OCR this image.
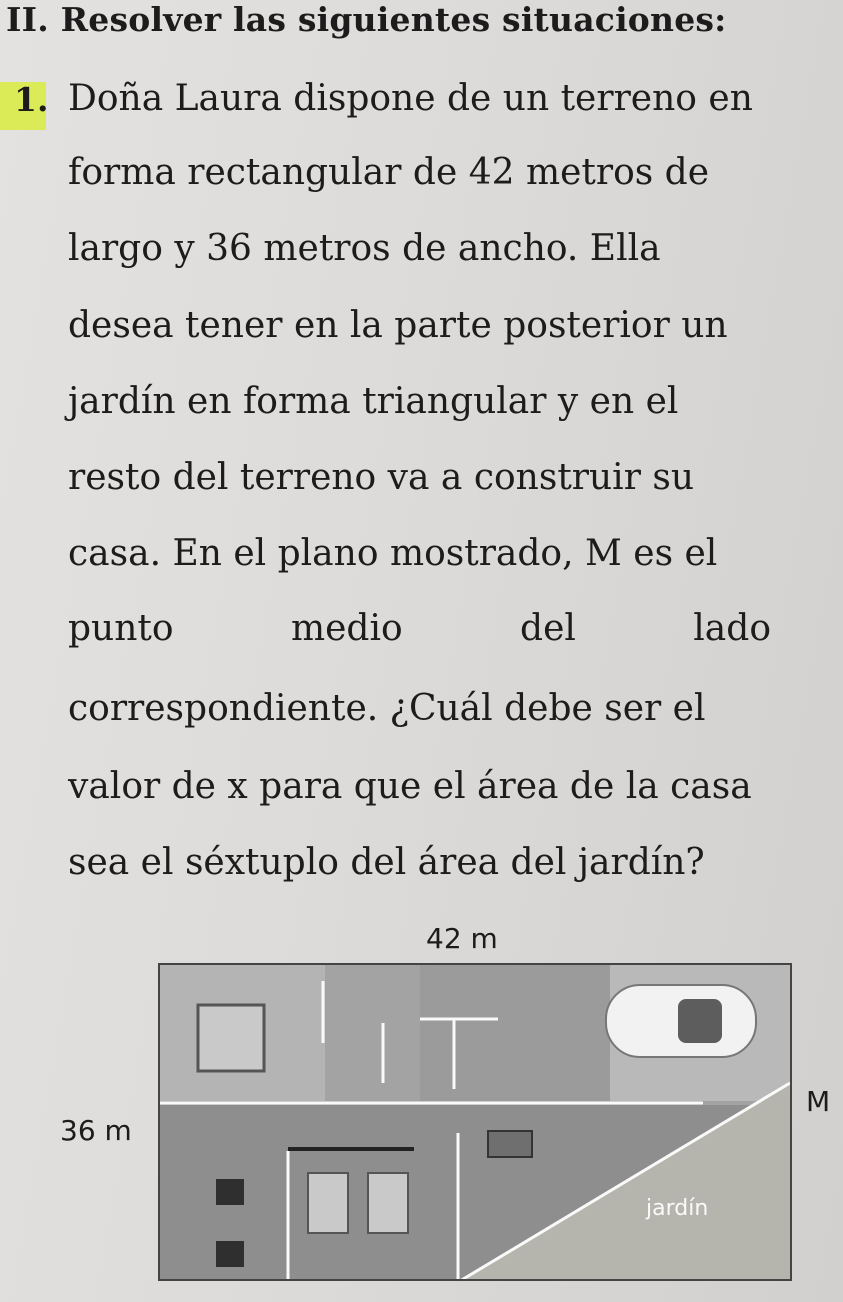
II. Resolver las siguientes situaciones:
1. Doña Laura dispone de un terreno en
forma rectangular de 42 metros de
largo y 36 metros de ancho. Ella
desea tener en la parte posterior un
jardín en forma triangular y en el
resto del terreno va a construir su
casa. En el plano mostrado, M es el
punto	medio	del	lado
correspondiente. ¿Cuál debe ser el
valor de x para que el área de la casa
sea el séxtuplo del área del jardín?
42 m
36 m
M
jardín
